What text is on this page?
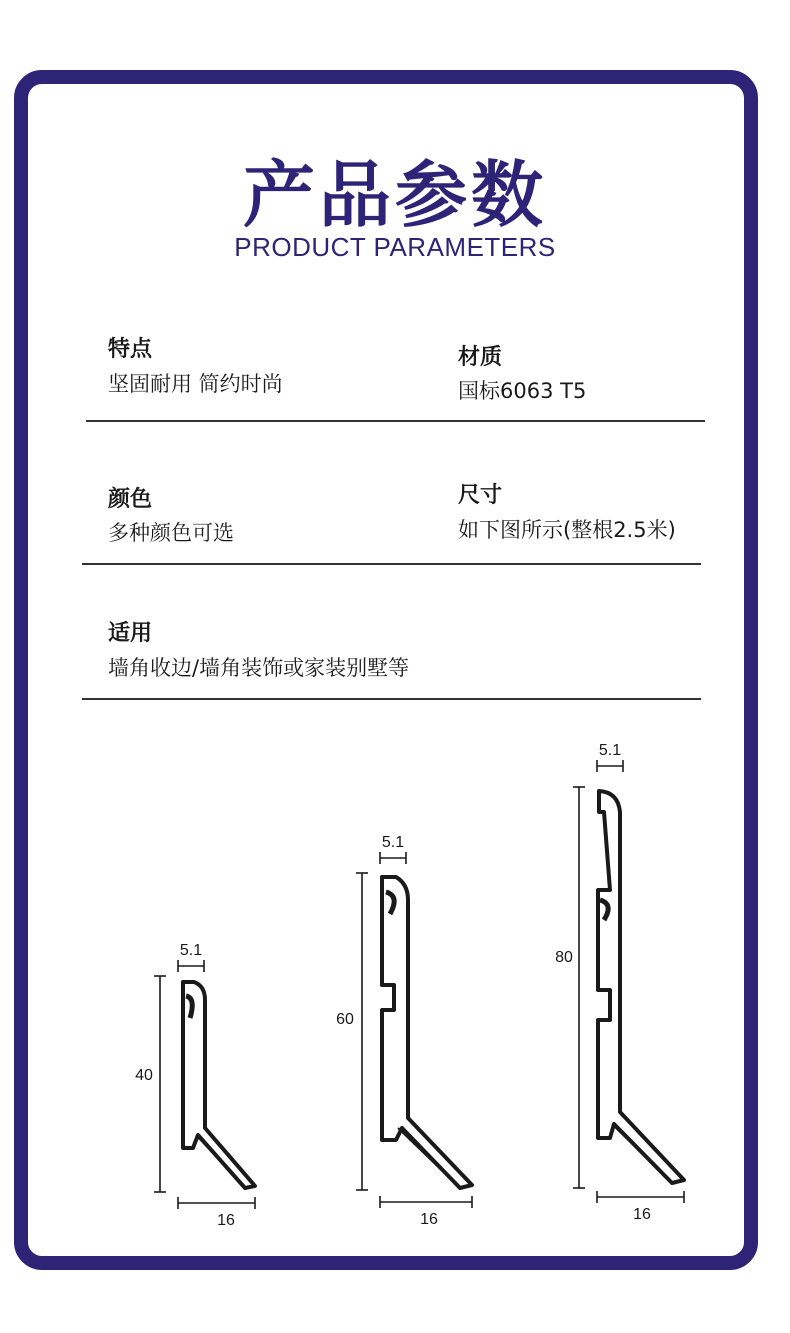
产品参数
PRODUCT PARAMETERS
特点
坚固耐用 简约时尚
材质
国标6063 T5
颜色
多种颜色可选
尺寸
如下图所示(整根2.5米)
适用
墙角收边/墙角装饰或家装别墅等
5.1
40
16
5.1
60
16
5.1
80
16
